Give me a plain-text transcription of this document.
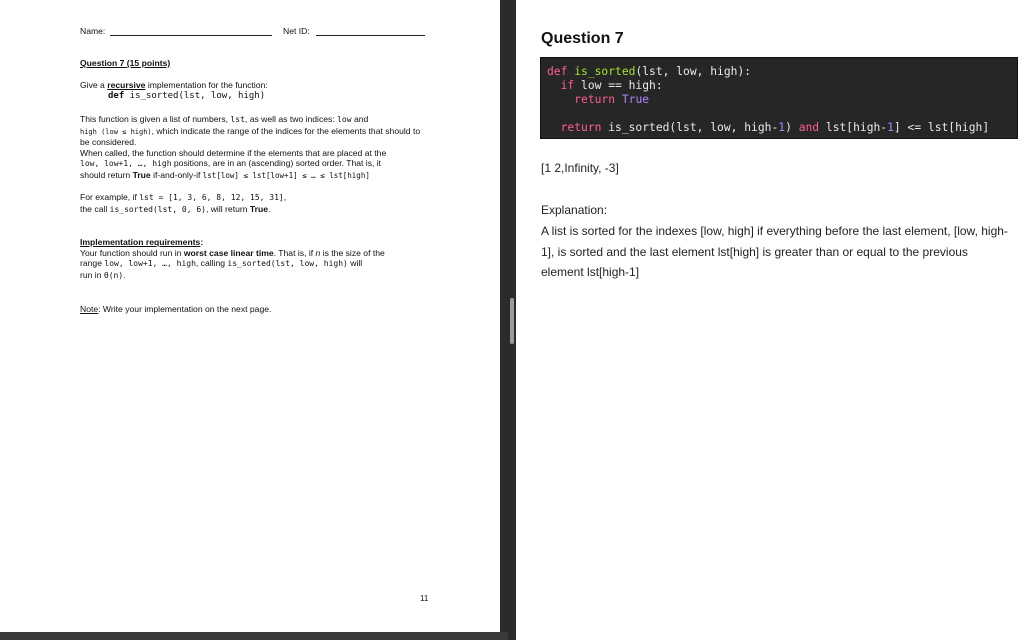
Name:	Net ID:
Question 7 (15 points)
Give a recursive implementation for the function:
def is_sorted(lst, low, high)
This function is given a list of numbers, lst, as well as two indices: low and
high (low ≤ high), which indicate the range of the indices for the elements that should to be considered.
When called, the function should determine if the elements that are placed at the
low, low+1, …, high positions, are in an (ascending) sorted order. That is, it
should return True if-and-only-if lst[low] ≤ lst[low+1] ≤ … ≤ lst[high]
For example, if lst = [1, 3, 6, 8, 12, 15, 31],
the call is_sorted(lst, 0, 6), will return True.
Implementation requirements:
Your function should run in worst case linear time. That is, if n is the size of the
range low, low+1, …, high, calling is_sorted(lst, low, high) will
run in θ(n).
Note: Write your implementation on the next page.
11
Question 7
def is_sorted(lst, low, high):
if low == high:
return True

return is_sorted(lst, low, high-1) and lst[high-1] <= lst[high]
[1 2,Infinity, -3]
Explanation:
A list is sorted for the indexes [low, high] if everything before the last element, [low, high-1], is sorted and the last element lst[high] is greater than or equal to the previous element lst[high-1]
